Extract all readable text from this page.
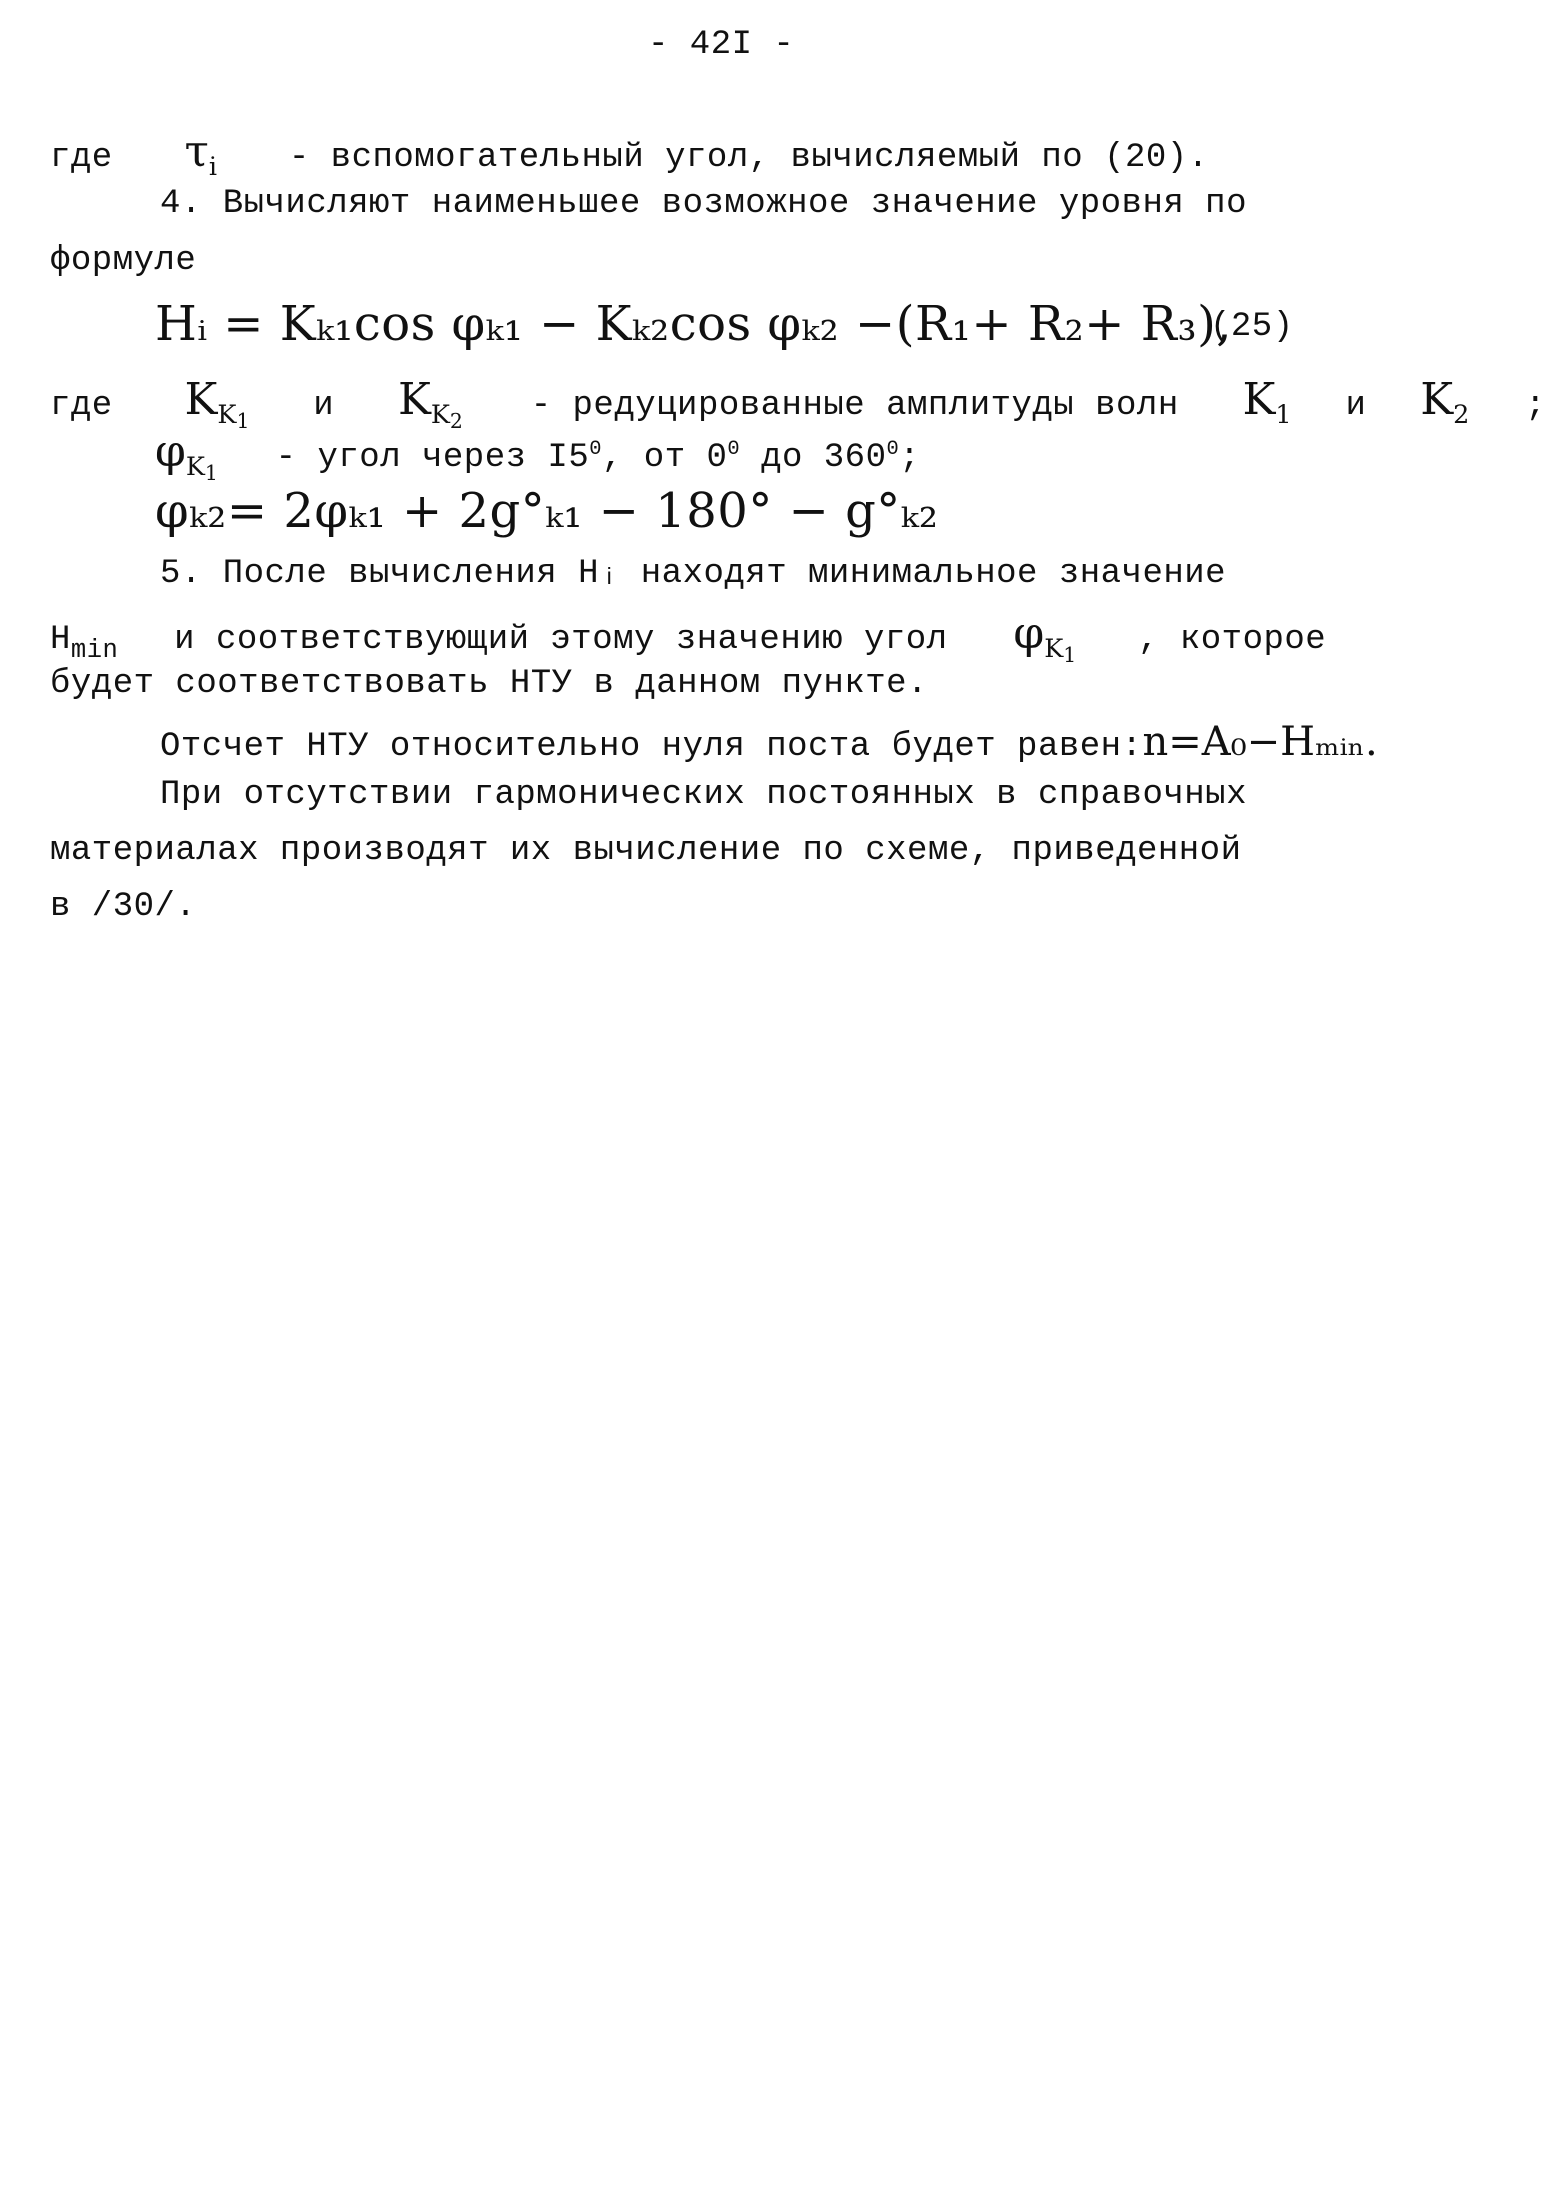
- 42I -
где $\tau_i$ - вспомогательный угол, вычисляемый по (20).
4. Вычисляют наименьшее возможное значение уровня по
формуле
Hᵢ = Kₖ₁cos φₖ₁ − Kₖ₂cos φₖ₂ −(R₁+ R₂+ R₃),
(25)
где $K_{K_1}$ и $K_{K_2}$ - редуцированные амплитуды волн $K_1$ и $K_2$ ;
$\varphi_{K_1}$ - угол через $I5^0$, от $0^0$ до $360^0$;
φₖ₂= 2φₖ₁ + 2g°ₖ₁ − 180° − g°ₖ₂
5. После вычисления Hᵢ находят минимальное значение
$H_{min}$ и соответствующий этому значению угол $\varphi_{K_1}$ , которое
будет соответствовать НТУ в данном пункте.
Отсчет НТУ относительно нуля поста будет равен:n=A₀−Hₘᵢₙ.
При отсутствии гармонических постоянных в справочных
материалах производят их вычисление по схеме, приведенной
в /30/.
